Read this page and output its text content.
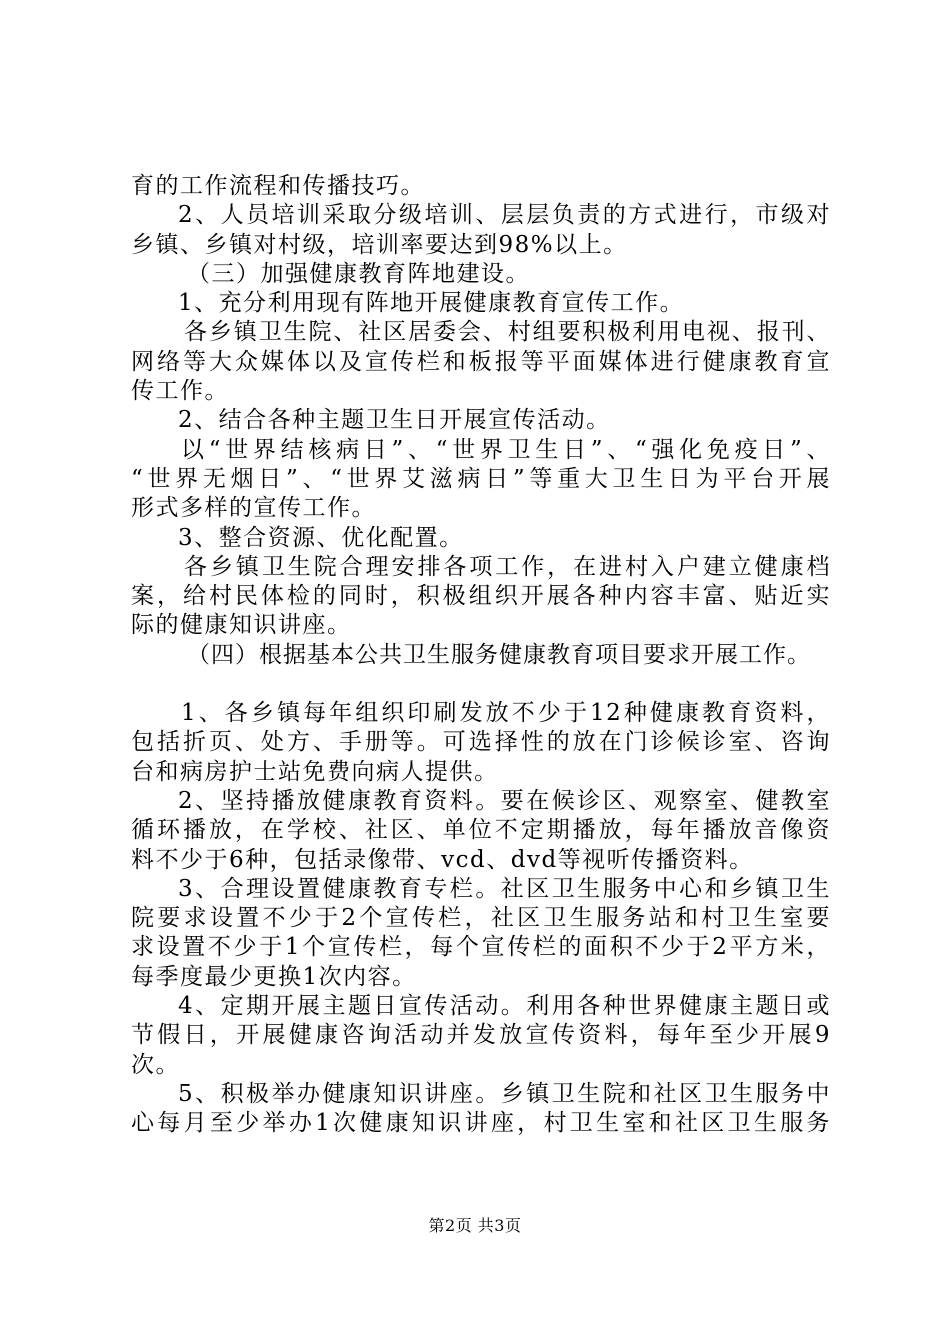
育的工作流程和传播技巧。
2、人员培训采取分级培训、层层负责的方式进行，市级对
乡镇、乡镇对村级，培训率要达到98%以上。
（三）加强健康教育阵地建设。
1、充分利用现有阵地开展健康教育宣传工作。
各乡镇卫生院、社区居委会、村组要积极利用电视、报刊、
网络等大众媒体以及宣传栏和板报等平面媒体进行健康教育宣
传工作。
2、结合各种主题卫生日开展宣传活动。
以“世界结核病日”、“世界卫生日”、“强化免疫日”、
“世界无烟日”、“世界艾滋病日”等重大卫生日为平台开展
形式多样的宣传工作。
3、整合资源、优化配置。
各乡镇卫生院合理安排各项工作，在进村入户建立健康档
案，给村民体检的同时，积极组织开展各种内容丰富、贴近实
际的健康知识讲座。
（四）根据基本公共卫生服务健康教育项目要求开展工作。
1、各乡镇每年组织印刷发放不少于12种健康教育资料，
包括折页、处方、手册等。可选择性的放在门诊候诊室、咨询
台和病房护士站免费向病人提供。
2、坚持播放健康教育资料。要在候诊区、观察室、健教室
循环播放，在学校、社区、单位不定期播放，每年播放音像资
料不少于6种，包括录像带、vcd、dvd等视听传播资料。
3、合理设置健康教育专栏。社区卫生服务中心和乡镇卫生
院要求设置不少于2个宣传栏，社区卫生服务站和村卫生室要
求设置不少于1个宣传栏，每个宣传栏的面积不少于2平方米，
每季度最少更换1次内容。
4、定期开展主题日宣传活动。利用各种世界健康主题日或
节假日，开展健康咨询活动并发放宣传资料，每年至少开展9
次。
5、积极举办健康知识讲座。乡镇卫生院和社区卫生服务中
心每月至少举办1次健康知识讲座，村卫生室和社区卫生服务
第2页 共3页
